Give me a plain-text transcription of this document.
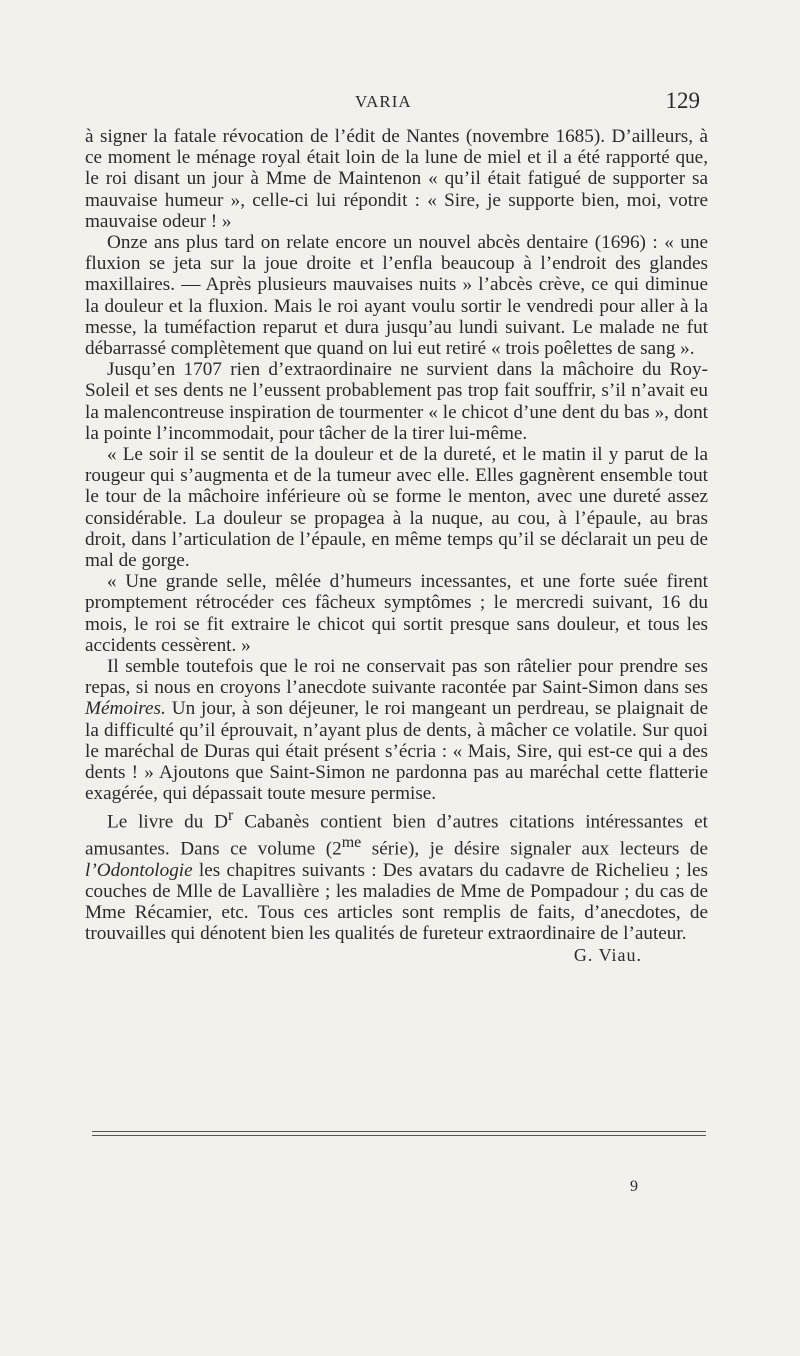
VARIA	129

à signer la fatale révocation de l’édit de Nantes (novembre 1685). D’ailleurs, à ce moment le ménage royal était loin de la lune de miel et il a été rapporté que, le roi disant un jour à Mme de Maintenon « qu’il était fatigué de supporter sa mauvaise humeur », celle-ci lui répondit : « Sire, je supporte bien, moi, votre mauvaise odeur ! »

Onze ans plus tard on relate encore un nouvel abcès dentaire (1696) : « une fluxion se jeta sur la joue droite et l’enfla beaucoup à l’endroit des glandes maxillaires. — Après plusieurs mauvaises nuits » l’abcès crève, ce qui diminue la douleur et la fluxion. Mais le roi ayant voulu sortir le vendredi pour aller à la messe, la tuméfaction reparut et dura jusqu’au lundi suivant. Le malade ne fut débarrassé complètement que quand on lui eut retiré « trois poêlettes de sang ».

Jusqu’en 1707 rien d’extraordinaire ne survient dans la mâchoire du Roy-Soleil et ses dents ne l’eussent probablement pas trop fait souffrir, s’il n’avait eu la malencontreuse inspiration de tourmenter « le chicot d’une dent du bas », dont la pointe l’incommodait, pour tâcher de la tirer lui-même.

« Le soir il se sentit de la douleur et de la dureté, et le matin il y parut de la rougeur qui s’augmenta et de la tumeur avec elle. Elles gagnèrent ensemble tout le tour de la mâchoire inférieure où se forme le menton, avec une dureté assez considérable. La douleur se propagea à la nuque, au cou, à l’épaule, au bras droit, dans l’articulation de l’épaule, en même temps qu’il se déclarait un peu de mal de gorge.

« Une grande selle, mêlée d’humeurs incessantes, et une forte suée firent promptement rétrocéder ces fâcheux symptômes ; le mercredi suivant, 16 du mois, le roi se fit extraire le chicot qui sortit presque sans douleur, et tous les accidents cessèrent. »

Il semble toutefois que le roi ne conservait pas son râtelier pour prendre ses repas, si nous en croyons l’anecdote suivante racontée par Saint-Simon dans ses Mémoires. Un jour, à son déjeuner, le roi mangeant un perdreau, se plaignait de la difficulté qu’il éprouvait, n’ayant plus de dents, à mâcher ce volatile. Sur quoi le maréchal de Duras qui était présent s’écria : « Mais, Sire, qui est-ce qui a des dents ! » Ajoutons que Saint-Simon ne pardonna pas au maréchal cette flatterie exagérée, qui dépassait toute mesure permise.

Le livre du $D^r$ Cabanès contient bien d’autres citations intéressantes et amusantes. Dans ce volume ($2^{me}$ série), je désire signaler aux lecteurs de l’Odontologie les chapitres suivants : Des avatars du cadavre de Richelieu ; les couches de Mlle de Lavallière ; les maladies de Mme de Pompadour ; du cas de Mme Récamier, etc. Tous ces articles sont remplis de faits, d’anecdotes, de trouvailles qui dénotent bien les qualités de fureteur extraordinaire de l’auteur.

G. Viau.
9
